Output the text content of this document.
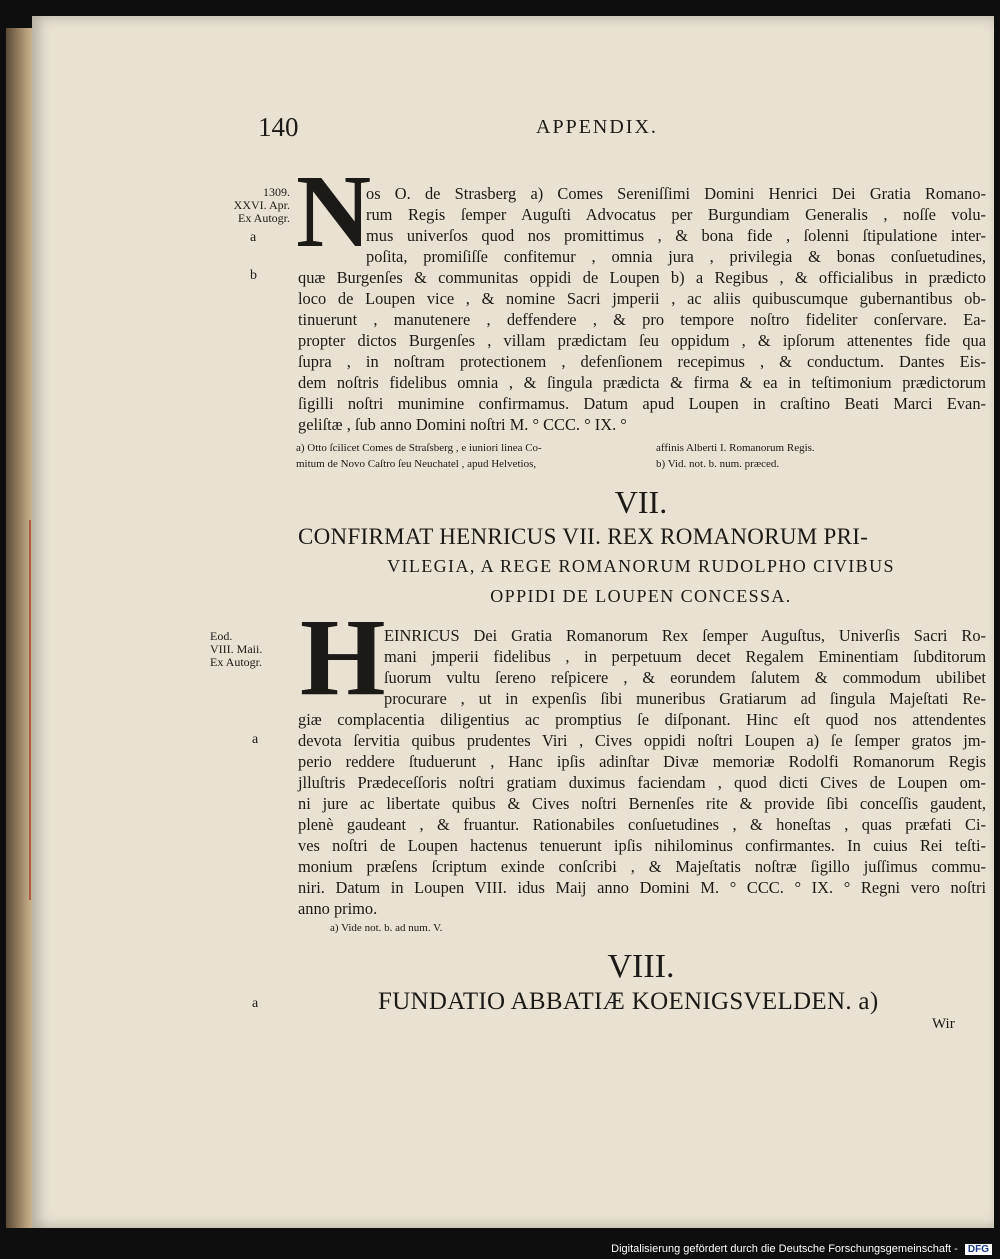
140	APPENDIX.
1309.
XXVI. Apr.
Ex Autogr.
a
b
N
os O. de Strasberg a) Comes Sereniſſimi Domini Henrici Dei Gratia Romano-
rum Regis ſemper Auguſti Advocatus per Burgundiam Generalis , noſſe volu-
mus univerſos quod nos promittimus , & bona fide , ſolenni ſtipulatione inter-
poſita, promiſiſſe confitemur , omnia jura , privilegia & bonas conſuetudines,
quæ Burgenſes & communitas oppidi de Loupen b) a Regibus , & officialibus in prædicto
loco de Loupen vice , & nomine Sacri jmperii , ac aliis quibuscumque gubernantibus ob-
tinuerunt , manutenere , deffendere , & pro tempore noſtro fideliter conſervare. Ea-
propter dictos Burgenſes , villam prædictam ſeu oppidum , & ipſorum attenentes fide qua
ſupra , in noſtram protectionem , defenſionem recepimus , & conductum. Dantes Eis-
dem noſtris fidelibus omnia , & ſingula prædicta & firma & ea in teſtimonium prædictorum
ſigilli noſtri munimine confirmamus. Datum apud Loupen in craſtino Beati Marci Evan-
geliſtæ , ſub anno Domini noſtri M. ° CCC. ° IX. °
a) Otto ſcilicet Comes de Straſsberg , e iuniori linea Co-
mitum de Novo Caſtro ſeu Neuchatel , apud Helvetios,
affinis Alberti I. Romanorum Regis.
b) Vid. not. b. num. præced.
VII.
CONFIRMAT HENRICUS VII. REX ROMANORUM PRI-
VILEGIA, A REGE ROMANORUM RUDOLPHO CIVIBUS
OPPIDI DE LOUPEN CONCESSA.
Eod.
VIII. Maii.
Ex Autogr.
a
H
EINRICUS Dei Gratia Romanorum Rex ſemper Auguſtus, Univerſis Sacri Ro-
mani jmperii fidelibus , in perpetuum decet Regalem Eminentiam ſubditorum
ſuorum vultu ſereno reſpicere , & eorundem ſalutem & commodum ubilibet
procurare , ut in expenſis ſibi muneribus Gratiarum ad ſingula Majeſtati Re-
giæ complacentia diligentius ac promptius ſe diſponant. Hinc eſt quod nos attendentes
devota ſervitia quibus prudentes Viri , Cives oppidi noſtri Loupen a) ſe ſemper gratos jm-
perio reddere ſtuduerunt , Hanc ipſis adinſtar Divæ memoriæ Rodolfi Romanorum Regis
jlluſtris Prædeceſſoris noſtri gratiam duximus faciendam , quod dicti Cives de Loupen om-
ni jure ac libertate quibus & Cives noſtri Bernenſes rite & provide ſibi conceſſis gaudent,
plenè gaudeant , & fruantur. Rationabiles conſuetudines , & honeſtas , quas præfati Ci-
ves noſtri de Loupen hactenus tenuerunt ipſis nihilominus confirmantes. In cuius Rei teſti-
monium præſens ſcriptum exinde conſcribi , & Majeſtatis noſtræ ſigillo juſſimus commu-
niri. Datum in Loupen VIII. idus Maij anno Domini M. ° CCC. ° IX. ° Regni vero noſtri
anno primo.
a) Vide not. b. ad num. V.
VIII.
a	FUNDATIO ABBATIÆ KOENIGSVELDEN. a)
Wir
Digitalisierung gefördert durch die Deutsche Forschungsgemeinschaft - DFG
